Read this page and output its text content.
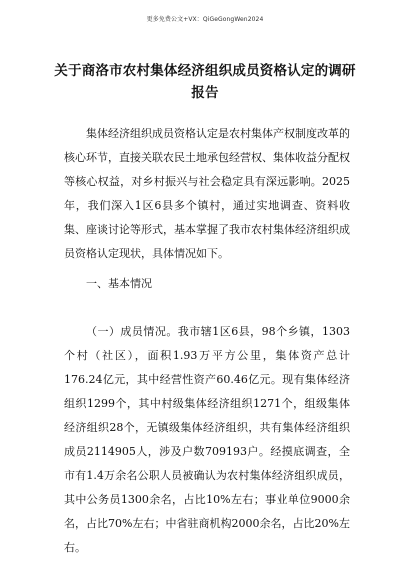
更多免费公文+VX：QiGeGongWen2024
关于商洛市农村集体经济组织成员资格认定的调研报告
集体经济组织成员资格认定是农村集体产权制度改革的核心环节，直接关联农民土地承包经营权、集体收益分配权等核心权益，对乡村振兴与社会稳定具有深远影响。2025年，我们深入1区6县多个镇村，通过实地调查、资料收集、座谈讨论等形式，基本掌握了我市农村集体经济组织成员资格认定现状，具体情况如下。
一、基本情况
（一）成员情况。我市辖1区6县，98个乡镇，1303个村（社区），面积1.93万平方公里，集体资产总计176.24亿元，其中经营性资产60.46亿元。现有集体经济组织1299个，其中村级集体经济组织1271个，组级集体经济组织28个，无镇级集体经济组织，共有集体经济组织成员2114905人，涉及户数709193户。经摸底调查，全市有1.4万余名公职人员被确认为农村集体经济组织成员，其中公务员1300余名，占比10%左右；事业单位9000余名，占比70%左右；中省驻商机构2000余名，占比20%左右。
